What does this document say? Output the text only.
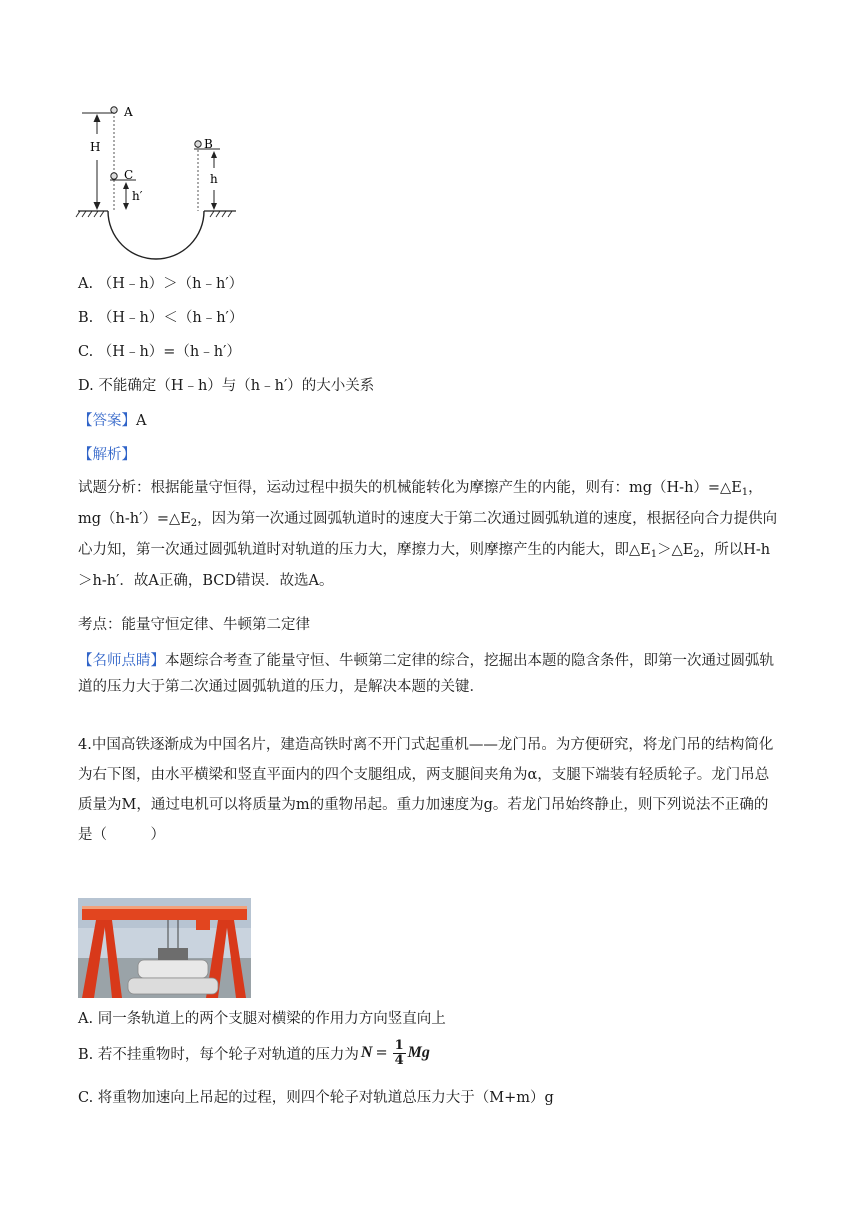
A
C
B
H
h′
h
A. （H﹣h）＞（h﹣h′）
B. （H﹣h）＜（h﹣h′）
C. （H﹣h）=（h﹣h′）
D. 不能确定（H﹣h）与（h﹣h′）的大小关系
【答案】A
【解析】
试题分析：根据能量守恒得，运动过程中损失的机械能转化为摩擦产生的内能，则有：$mg(H-h)=\triangle E_1$，$mg(h-h')=\triangle E_2$，因为第一次通过圆弧轨道时的速度大于第二次通过圆弧轨道的速度，根据径向合力提供向心力知，第一次通过圆弧轨道时对轨道的压力大，摩擦力大，则摩擦产生的内能大，即$\triangle E_1>\triangle E_2$，所以H-h＞h-h′．故A正确，BCD错误．故选A。
考点：能量守恒定律、牛顿第二定律
【名师点睛】本题综合考查了能量守恒、牛顿第二定律的综合，挖掘出本题的隐含条件，即第一次通过圆弧轨道的压力大于第二次通过圆弧轨道的压力，是解决本题的关键．
4.中国高铁逐渐成为中国名片，建造高铁时离不开门式起重机——龙门吊。为方便研究，将龙门吊的结构简化为右下图，由水平横梁和竖直平面内的四个支腿组成，两支腿间夹角为α，支腿下端装有轻质轮子。龙门吊总质量为M，通过电机可以将质量为m的重物吊起。重力加速度为g。若龙门吊始终静止，则下列说法不正确的是（　　　）
A. 同一条轨道上的两个支腿对横梁的作用力方向竖直向上
B. 若不挂重物时，每个轮子对轨道的压力为 $N = \frac{1}{4}$ Mg
C. 将重物加速向上吊起的过程，则四个轮子对轨道总压力大于（M+m）g
